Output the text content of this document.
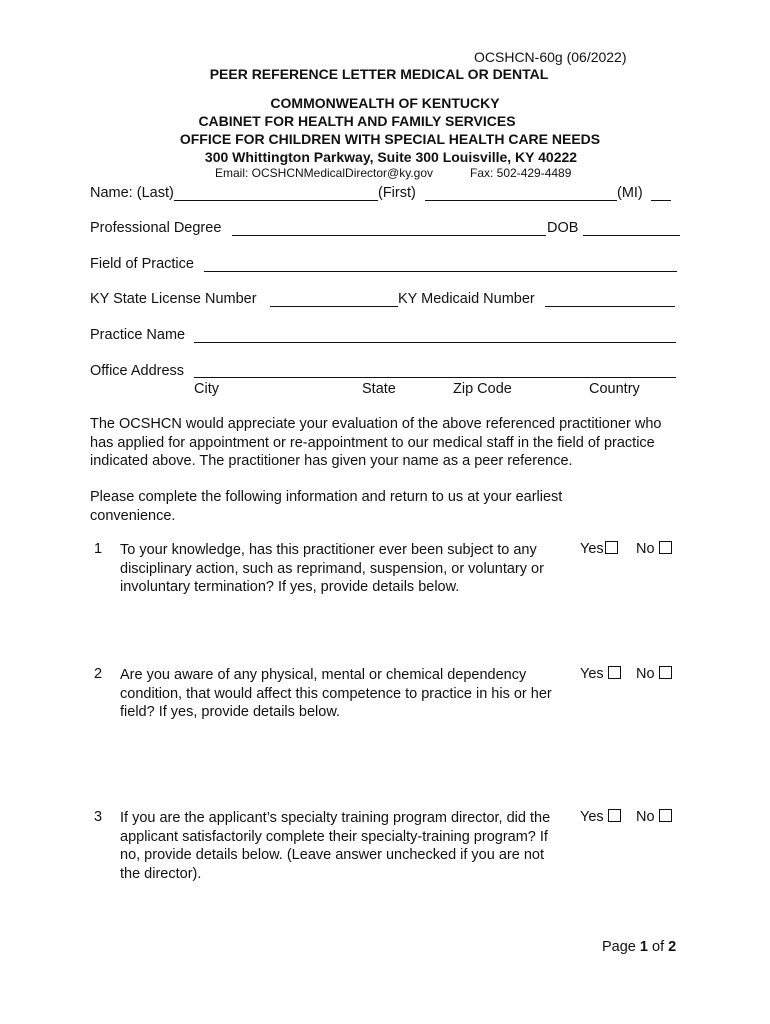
OCSHCN-60g (06/2022)
PEER REFERENCE LETTER MEDICAL OR DENTAL
COMMONWEALTH OF KENTUCKY
CABINET FOR HEALTH AND FAMILY SERVICES
OFFICE FOR CHILDREN WITH SPECIAL HEALTH CARE NEEDS
300 Whittington Parkway, Suite 300 Louisville, KY 40222
Email: OCSHCNMedicalDirector@ky.gov	Fax: 502-429-4489
Name: (Last)	(First)	(MI)
Professional Degree	DOB
Field of Practice
KY State License Number	KY Medicaid Number
Practice Name
Office Address
City	State	Zip Code	Country
The OCSHCN would appreciate your evaluation of the above referenced practitioner who has applied for appointment or re-appointment to our medical staff in the field of practice indicated above. The practitioner has given your name as a peer reference.
Please complete the following information and return to us at your earliest convenience.
1 To your knowledge, has this practitioner ever been subject to any disciplinary action, such as reprimand, suspension, or voluntary or involuntary termination? If yes, provide details below.
Yes	No
2 Are you aware of any physical, mental or chemical dependency condition, that would affect this competence to practice in his or her field? If yes, provide details below.
Yes	No
3 If you are the applicant’s specialty training program director, did the applicant satisfactorily complete their specialty-training program? If no, provide details below. (Leave answer unchecked if you are not the director).
Yes	No
Page 1 of 2
